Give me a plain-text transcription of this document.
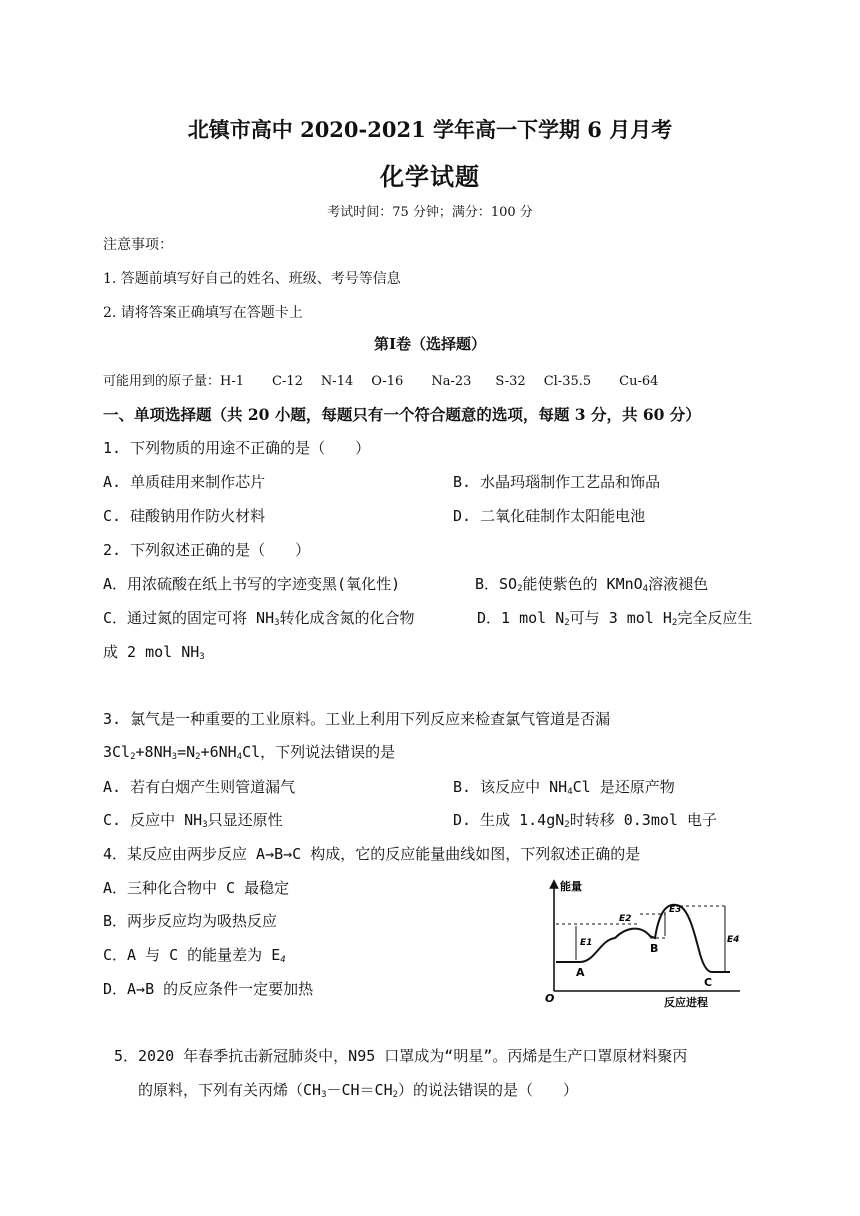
北镇市高中 2020-2021 学年高一下学期 6 月月考
化学试题
考试时间：75 分钟；满分：100 分
注意事项：
1. 答题前填写好自己的姓名、班级、考号等信息
2. 请将答案正确填写在答题卡上
第Ⅰ卷（选择题）
可能用到的原子量：H-1 C-12 N-14 O-16 Na-23 S-32 Cl-35.5 Cu-64
一、单项选择题（共 20 小题，每题只有一个符合题意的选项，每题 3 分，共 60 分）
1. 下列物质的用途不正确的是（　　）
A. 单质硅用来制作芯片	B. 水晶玛瑙制作工艺品和饰品
C. 硅酸钠用作防火材料	D. 二氧化硅制作太阳能电池
2. 下列叙述正确的是（　　）
A．用浓硫酸在纸上书写的字迹变黑(氧化性)	B．$SO_2$能使紫色的 KMnO$_4$溶液褪色
C．通过氮的固定可将 $NH_3$转化成含氮的化合物	D．1 mol $N_2$可与 3 mol $H_2$完全反应生
成 2 mol $NH_3$
3. 氯气是一种重要的工业原料。工业上利用下列反应来检查氯气管道是否漏
$3Cl_2+8NH_3=N_2+6NH_4Cl$，下列说法错误的是
A. 若有白烟产生则管道漏气	B. 该反应中 $NH_4Cl$ 是还原产物
C. 反应中 $NH_3$只显还原性	D. 生成 $1.4gN_2$时转移 0.3mol 电子
4．某反应由两步反应 A→B→C 构成，它的反应能量曲线如图，下列叙述正确的是
A．三种化合物中 C 最稳定
B．两步反应均为吸热反应
C．A 与 C 的能量差为 $E_4$
D．A→B 的反应条件一定要加热
能量
O	反应进程
E1
E2
E3
E4
A
B
C
5．2020 年春季抗击新冠肺炎中，N95 口罩成为“明星”。丙烯是生产口罩原材料聚丙
的原料，下列有关丙烯$(CH_3-CH=CH_2)$的说法错误的是（　　）
